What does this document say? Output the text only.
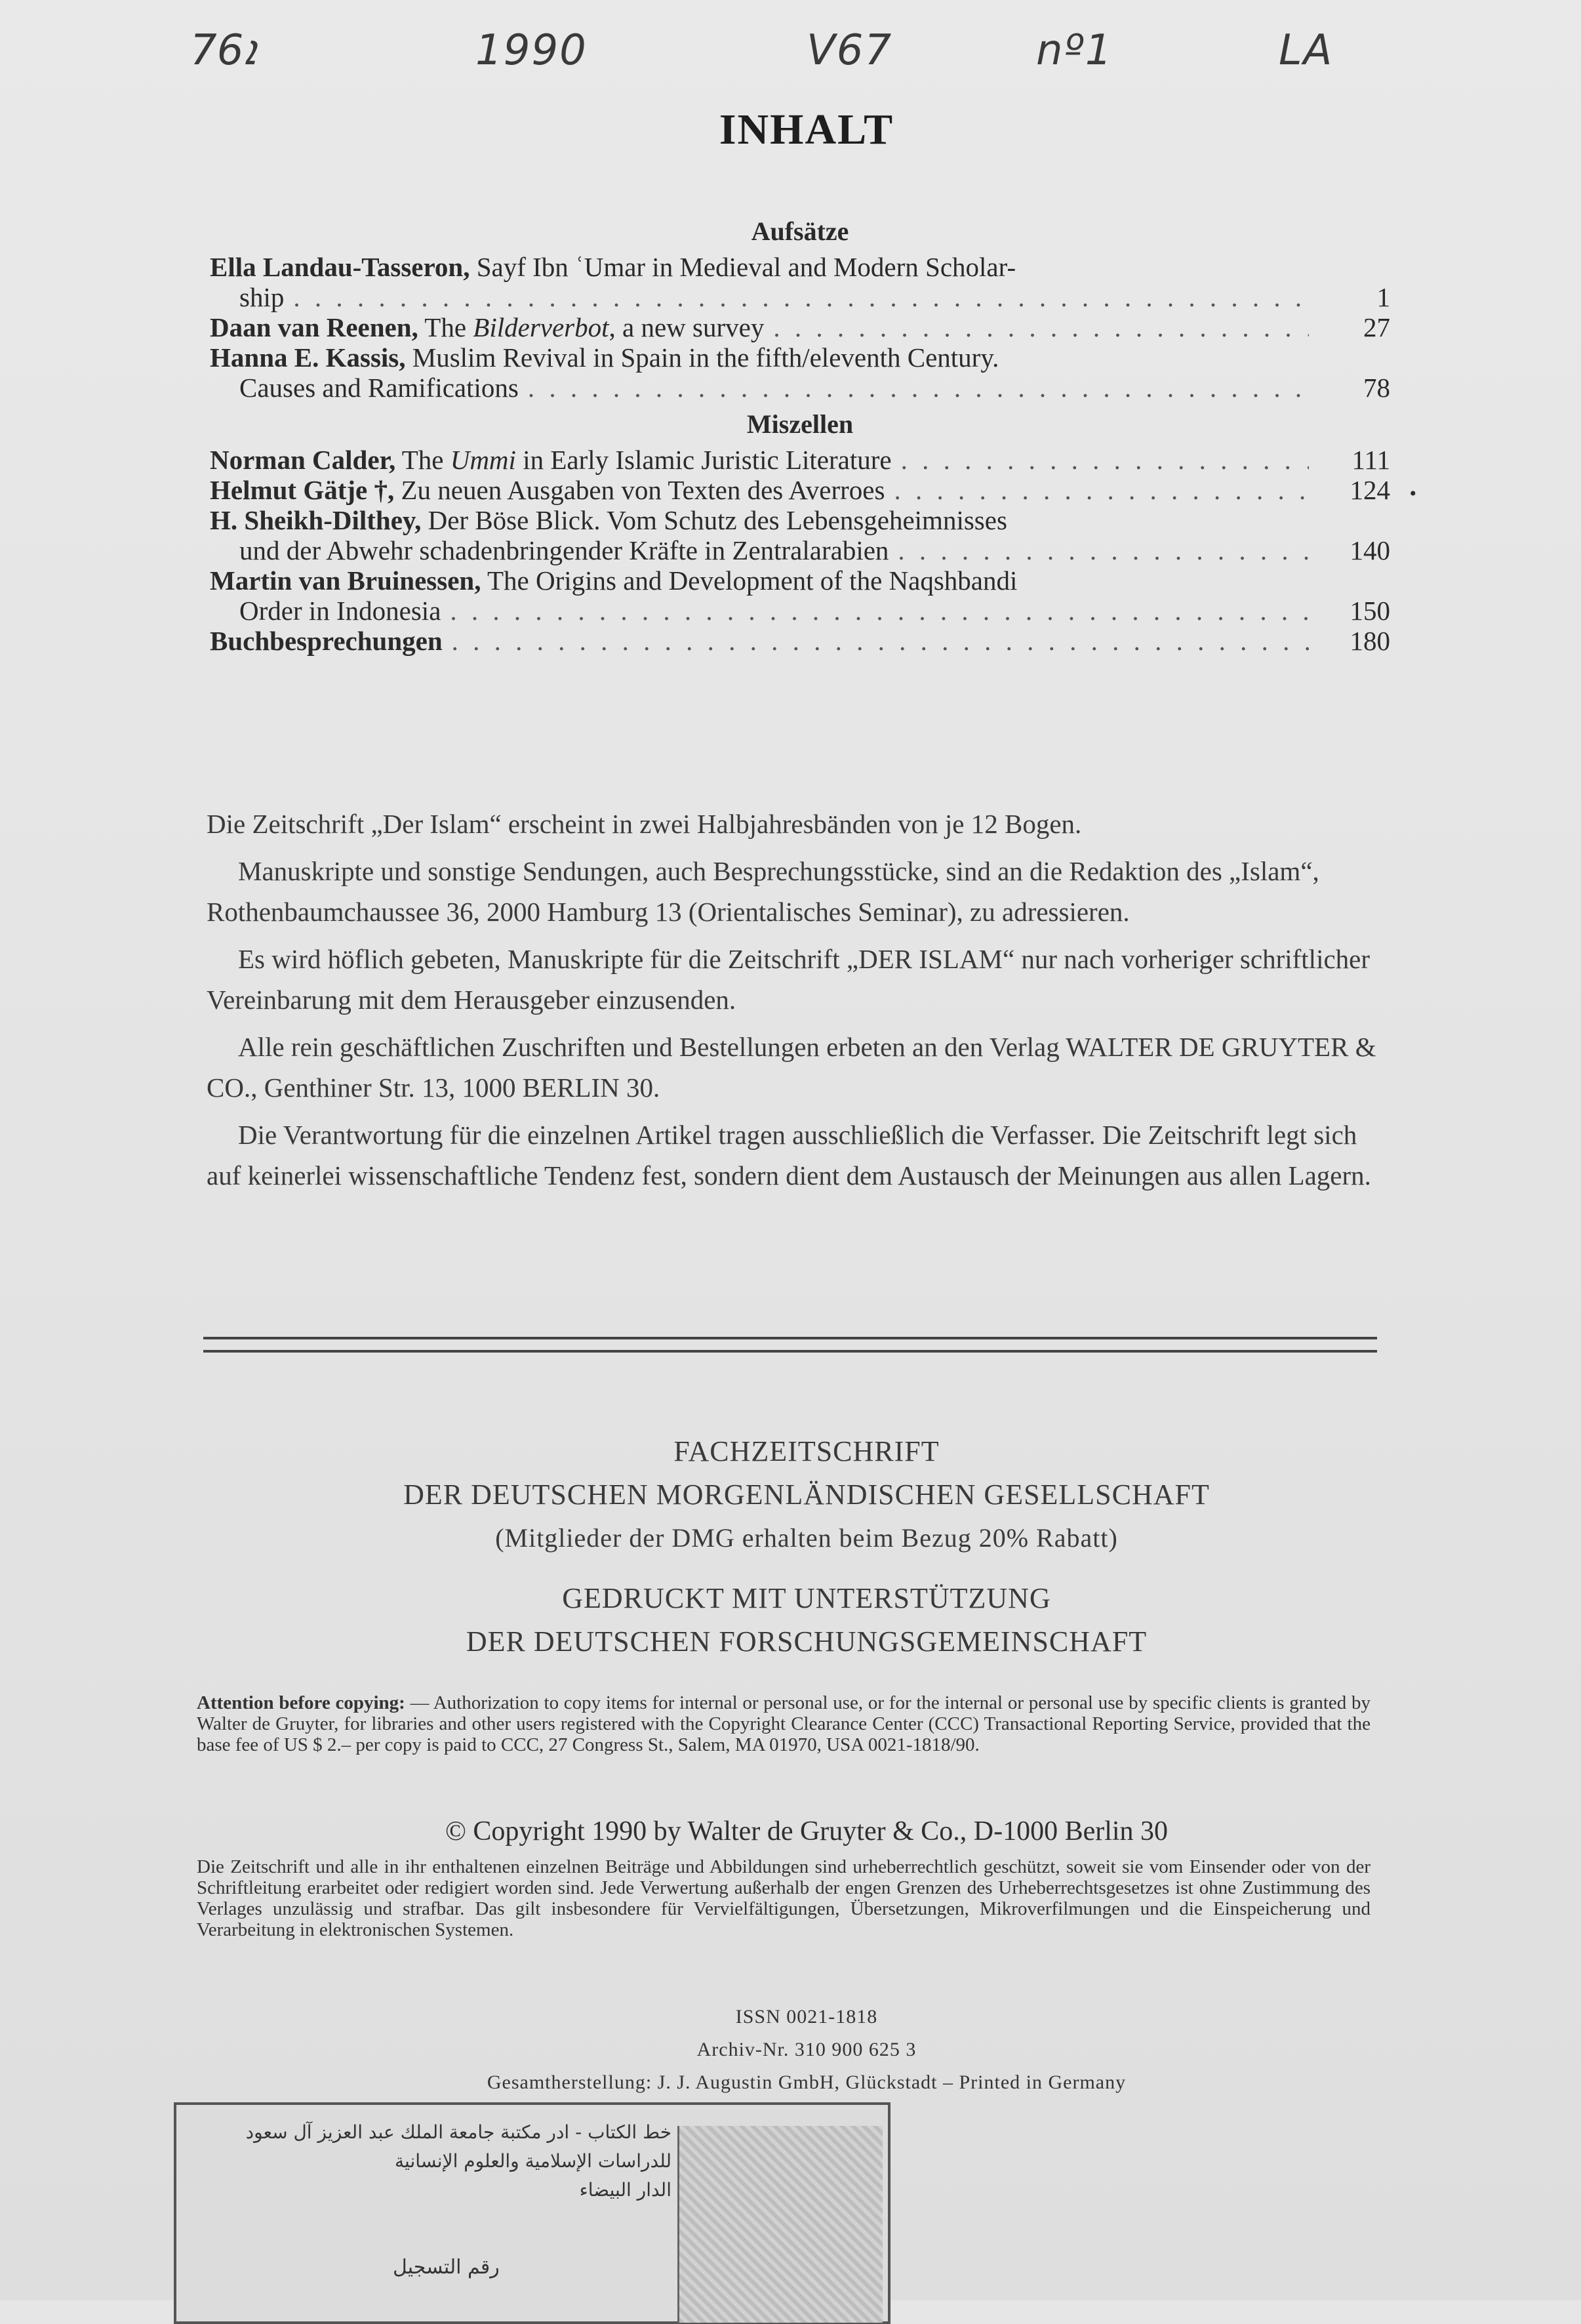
ܐ76	1990	V67	nº1	LA
INHALT
Aufsätze
Ella Landau-Tasseron, Sayf Ibn ʿUmar in Medieval and Modern Scholar-
ship . . .	1
Daan van Reenen, The Bilderverbot, a new survey . . .	27
Hanna E. Kassis, Muslim Revival in Spain in the fifth/eleventh Century.
Causes and Ramifications . . .	78
Miszellen
Norman Calder, The Ummi in Early Islamic Juristic Literature . . .	111
Helmut Gätje †, Zu neuen Ausgaben von Texten des Averroes . . .	124 •
H. Sheikh-Dilthey, Der Böse Blick. Vom Schutz des Lebensgeheimnisses
und der Abwehr schadenbringender Kräfte in Zentralarabien . . .	140
Martin van Bruinessen, The Origins and Development of the Naqshbandi
Order in Indonesia . . .	150
Buchbesprechungen . . .	180

Die Zeitschrift „Der Islam“ erscheint in zwei Halbjahresbänden von je 12 Bogen.

Manuskripte und sonstige Sendungen, auch Besprechungsstücke, sind an die Redaktion des „Islam“, Rothenbaumchaussee 36, 2000 Hamburg 13 (Orientalisches Seminar), zu adressieren.

Es wird höflich gebeten, Manuskripte für die Zeitschrift „DER ISLAM“ nur nach vorheriger schriftlicher Vereinbarung mit dem Herausgeber einzusenden.

Alle rein geschäftlichen Zuschriften und Bestellungen erbeten an den Verlag WALTER DE GRUYTER & CO., Genthiner Str. 13, 1000 BERLIN 30.

Die Verantwortung für die einzelnen Artikel tragen ausschließlich die Verfasser. Die Zeitschrift legt sich auf keinerlei wissenschaftliche Tendenz fest, sondern dient dem Austausch der Meinungen aus allen Lagern.

FACHZEITSCHRIFT
DER DEUTSCHEN MORGENLÄNDISCHEN GESELLSCHAFT
(Mitglieder der DMG erhalten beim Bezug 20% Rabatt)
GEDRUCKT MIT UNTERSTÜTZUNG
DER DEUTSCHEN FORSCHUNGSGEMEINSCHAFT
Attention before copying: — Authorization to copy items for internal or personal use, or for the internal or personal use by specific clients is granted by Walter de Gruyter, for libraries and other users registered with the Copyright Clearance Center (CCC) Transactional Reporting Service, provided that the base fee of US $ 2.– per copy is paid to CCC, 27 Congress St., Salem, MA 01970, USA 0021-1818/90.
© Copyright 1990 by Walter de Gruyter & Co., D-1000 Berlin 30
Die Zeitschrift und alle in ihr enthaltenen einzelnen Beiträge und Abbildungen sind urheberrechtlich geschützt, soweit sie vom Einsender oder von der Schriftleitung erarbeitet oder redigiert worden sind. Jede Verwertung außerhalb der engen Grenzen des Urheberrechtsgesetzes ist ohne Zustimmung des Verlages unzulässig und strafbar. Das gilt insbesondere für Vervielfältigungen, Übersetzungen, Mikroverfilmungen und die Einspeicherung und Verarbeitung in elektronischen Systemen.
ISSN 0021-1818
Archiv-Nr. 310 900 625 3
Gesamtherstellung: J. J. Augustin GmbH, Glückstadt – Printed in Germany
خط الكتاب - ادر مكتبة جامعة الملك عبد العزيز آل سعود
للدراسات الإسلامية والعلوم الإنسانية
الدار البيضاء
رقم التسجيل
